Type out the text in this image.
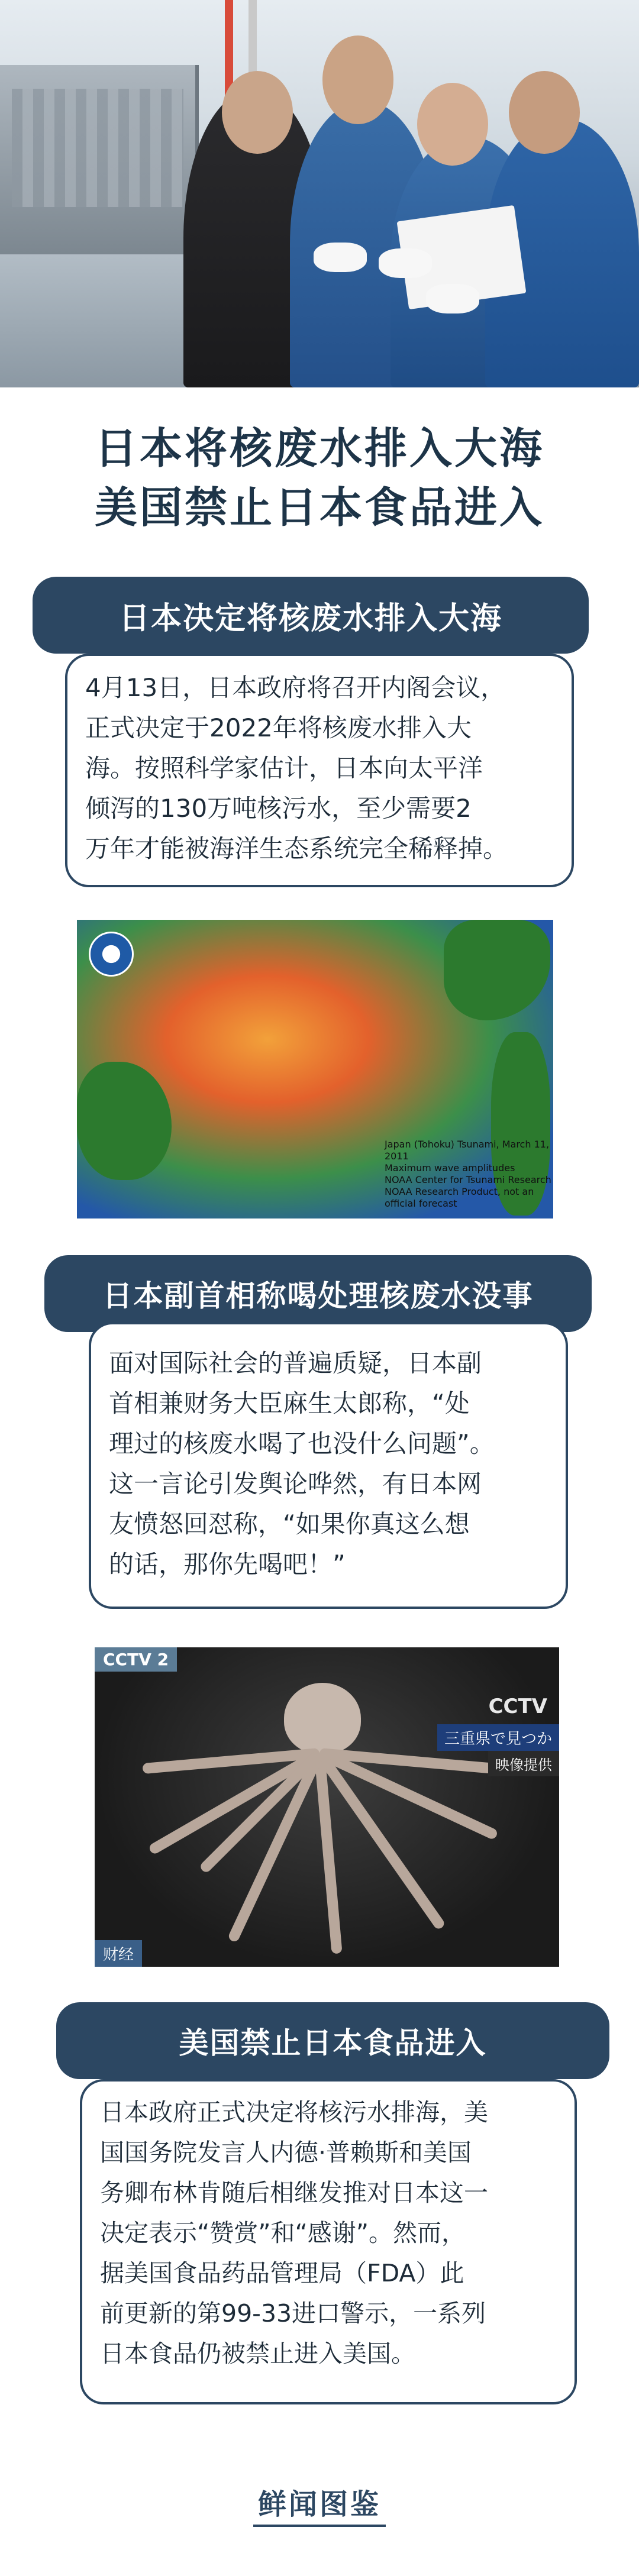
日本将核废水排入大海
美国禁止日本食品进入
日本决定将核废水排入大海
4月13日，日本政府将召开内阁会议，
正式决定于2022年将核废水排入大
海。按照科学家估计，日本向太平洋
倾泻的130万吨核污水，至少需要2
万年才能被海洋生态系统完全稀释掉。
Japan (Tohoku) Tsunami, March 11, 2011
Maximum wave amplitudes
NOAA Center for Tsunami Research
NOAA Research Product, not an official forecast
日本副首相称喝处理核废水没事
面对国际社会的普遍质疑，日本副
首相兼财务大臣麻生太郎称，“处
理过的核废水喝了也没什么问题”。
这一言论引发舆论哗然，有日本网
友愤怒回怼称，“如果你真这么想
的话，那你先喝吧！”
CCTV 2
CCTV
三重県で見つか
映像提供
财经
美国禁止日本食品进入
日本政府正式决定将核污水排海，美
国国务院发言人内德·普赖斯和美国
务卿布林肯随后相继发推对日本这一
决定表示“赞赏”和“感谢”。然而，
据美国食品药品管理局（FDA）此
前更新的第99-33进口警示，一系列
日本食品仍被禁止进入美国。
鲜闻图鉴
